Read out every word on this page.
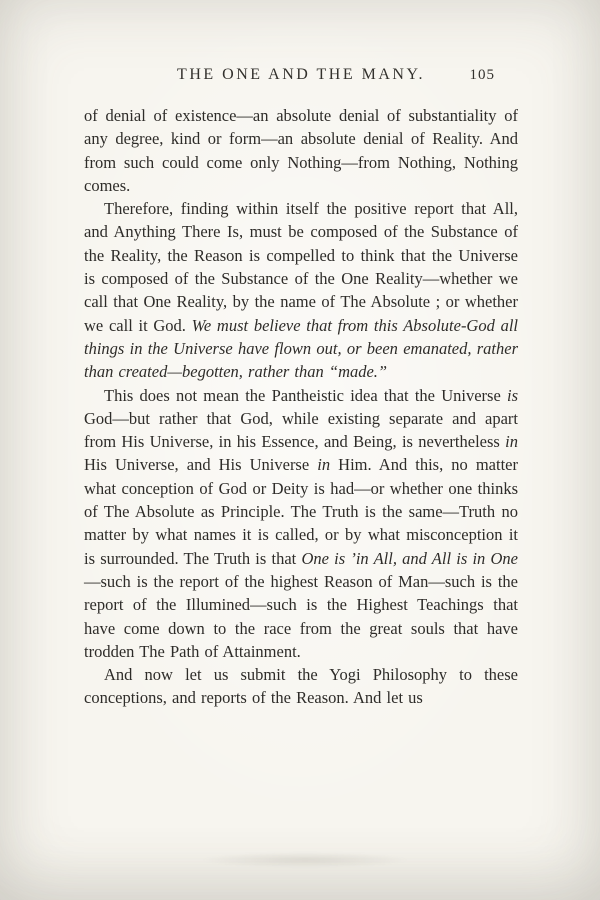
THE ONE AND THE MANY.	105

of denial of existence—an absolute denial of substantiality of any degree, kind or form—an absolute denial of Reality. And from such could come only Nothing—from Nothing, Nothing comes.

Therefore, finding within itself the positive report that All, and Anything There Is, must be composed of the Substance of the Reality, the Reason is compelled to think that the Universe is composed of the Substance of the One Reality—whether we call that One Reality, by the name of The Absolute ; or whether we call it God. We must believe that from this Absolute-God all things in the Universe have flown out, or been emanated, rather than created—begotten, rather than “made.”

This does not mean the Pantheistic idea that the Universe is God—but rather that God, while existing separate and apart from His Universe, in his Essence, and Being, is nevertheless in His Universe, and His Universe in Him. And this, no matter what conception of God or Deity is had—or whether one thinks of The Absolute as Principle. The Truth is the same—Truth no matter by what names it is called, or by what misconception it is surrounded. The Truth is that One is ’in All, and All is in One—such is the report of the highest Reason of Man—such is the report of the Illumined—such is the Highest Teachings that have come down to the race from the great souls that have trodden The Path of Attainment.

And now let us submit the Yogi Philosophy to these conceptions, and reports of the Reason. And let us
